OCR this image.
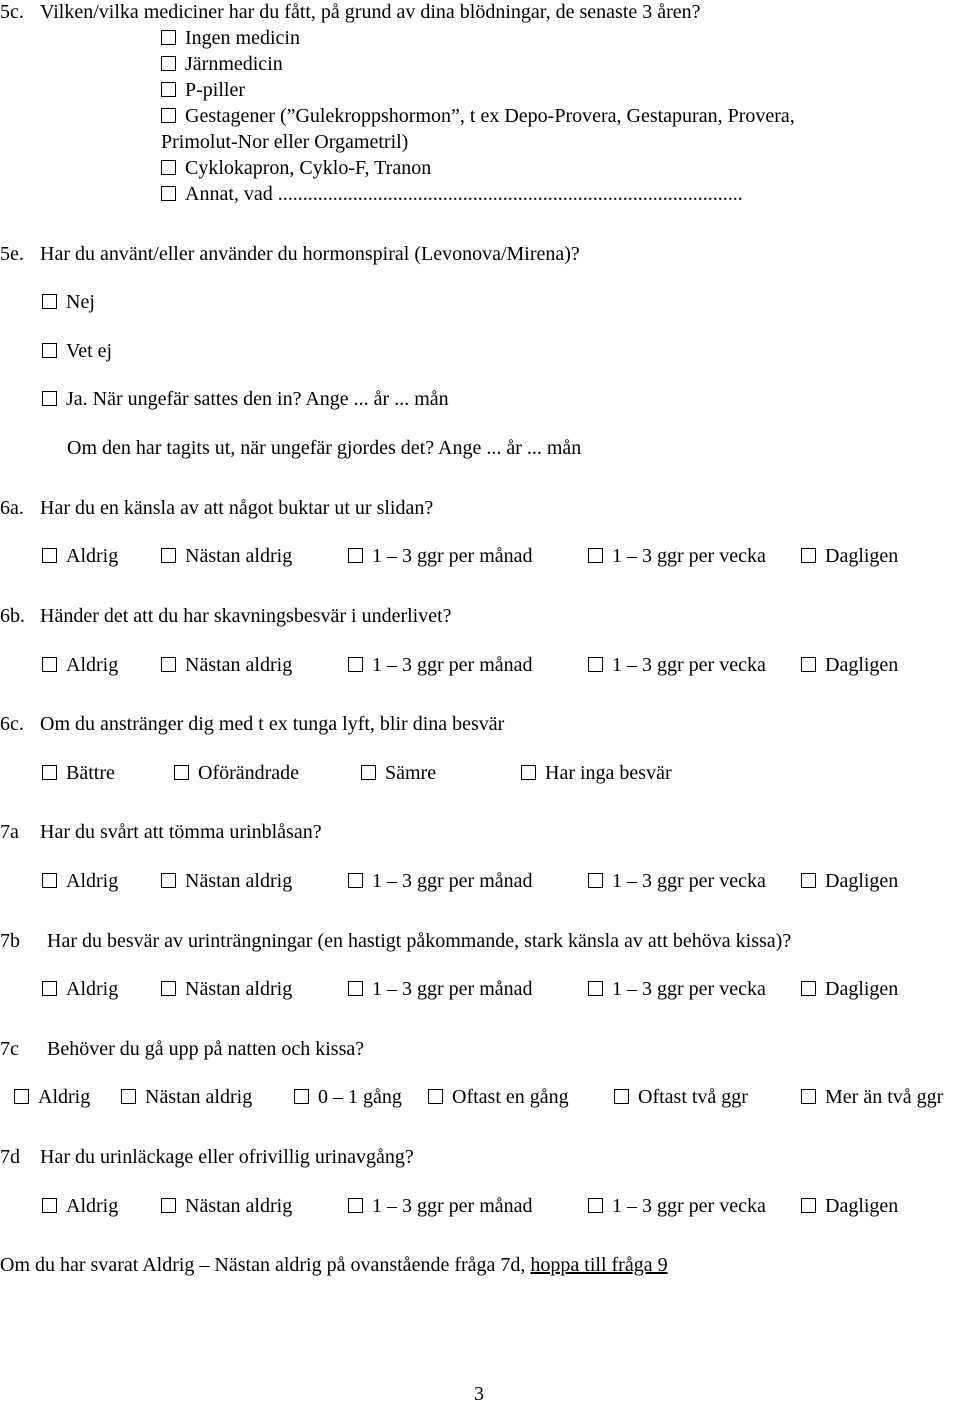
5c. Vilken/vilka mediciner har du fått, på grund av dina blödningar, de senaste 3 åren?
Ingen medicin
Järnmedicin
P-piller
Gestagener (”Gulekroppshormon”, t ex Depo-Provera, Gestapuran, Provera,
Primolut-Nor eller Orgametril)
Cyklokapron, Cyklo-F, Tranon
Annat, vad .............................................................................................
5e. Har du använt/eller använder du hormonspiral (Levonova/Mirena)?
Nej
Vet ej
Ja. När ungefär sattes den in? Ange ... år ... mån
Om den har tagits ut, när ungefär gjordes det? Ange ... år ... mån
6a. Har du en känsla av att något buktar ut ur slidan?
Aldrig	Nästan aldrig	1 – 3 ggr per månad	1 – 3 ggr per vecka	Dagligen
6b. Händer det att du har skavningsbesvär i underlivet?
Aldrig	Nästan aldrig	1 – 3 ggr per månad	1 – 3 ggr per vecka	Dagligen
6c. Om du anstränger dig med t ex tunga lyft, blir dina besvär
Bättre	Oförändrade	Sämre	Har inga besvär
7a Har du svårt att tömma urinblåsan?
Aldrig	Nästan aldrig	1 – 3 ggr per månad	1 – 3 ggr per vecka	Dagligen
7b Har du besvär av urinträngningar (en hastigt påkommande, stark känsla av att behöva kissa)?
Aldrig	Nästan aldrig	1 – 3 ggr per månad	1 – 3 ggr per vecka	Dagligen
7c Behöver du gå upp på natten och kissa?
Aldrig	Nästan aldrig	0 – 1 gång	Oftast en gång	Oftast två ggr	Mer än två ggr
7d Har du urinläckage eller ofrivillig urinavgång?
Aldrig	Nästan aldrig	1 – 3 ggr per månad	1 – 3 ggr per vecka	Dagligen
Om du har svarat Aldrig – Nästan aldrig på ovanstående fråga 7d, hoppa till fråga 9
3
